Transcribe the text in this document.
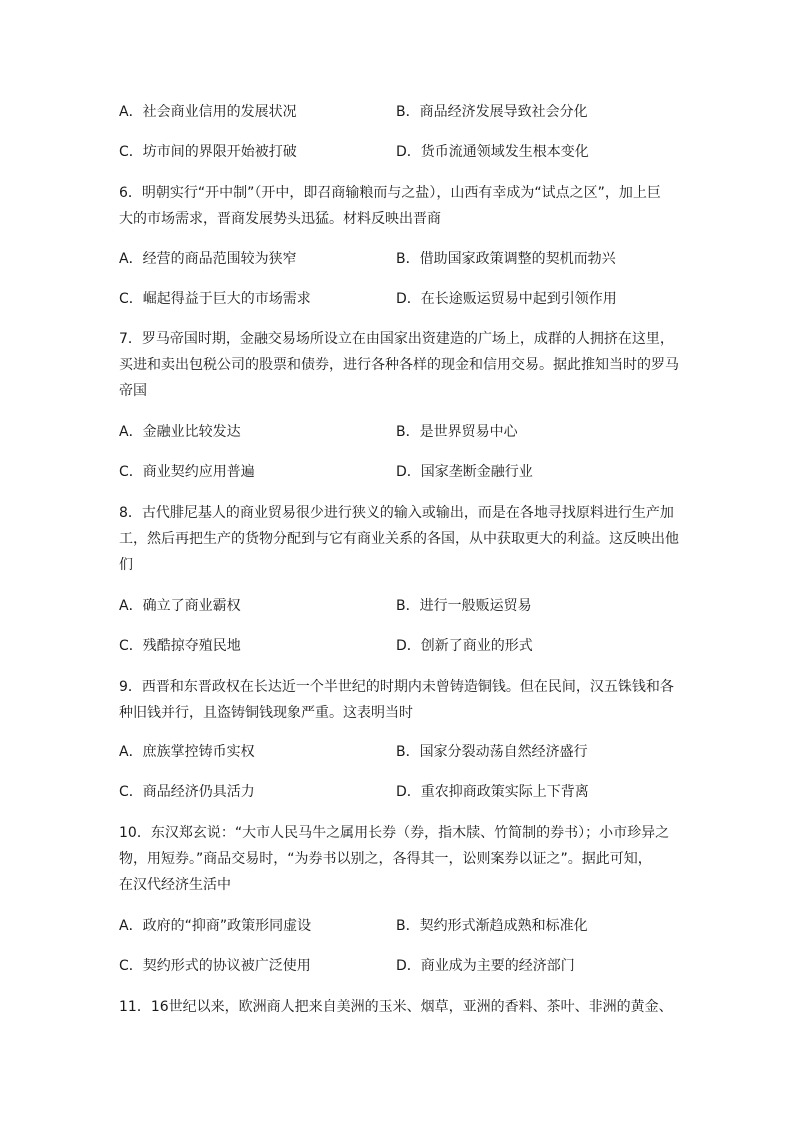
A．社会商业信用的发展状况	B．商品经济发展导致社会分化
C．坊市间的界限开始被打破	D．货币流通领域发生根本变化
6．明朝实行“开中制”（开中，即召商输粮而与之盐），山西有幸成为“试点之区”，加上巨
大的市场需求，晋商发展势头迅猛。材料反映出晋商
A．经营的商品范围较为狭窄	B．借助国家政策调整的契机而勃兴
C．崛起得益于巨大的市场需求	D．在长途贩运贸易中起到引领作用
7．罗马帝国时期，金融交易场所设立在由国家出资建造的广场上，成群的人拥挤在这里，
买进和卖出包税公司的股票和债券，进行各种各样的现金和信用交易。据此推知当时的罗马
帝国
A．金融业比较发达	B．是世界贸易中心
C．商业契约应用普遍	D．国家垄断金融行业
8．古代腓尼基人的商业贸易很少进行狭义的输入或输出，而是在各地寻找原料进行生产加
工，然后再把生产的货物分配到与它有商业关系的各国，从中获取更大的利益。这反映出他
们
A．确立了商业霸权	B．进行一般贩运贸易
C．残酷掠夺殖民地	D．创新了商业的形式
9．西晋和东晋政权在长达近一个半世纪的时期内未曾铸造铜钱。但在民间，汉五铢钱和各
种旧钱并行，且盗铸铜钱现象严重。这表明当时
A．庶族掌控铸币实权	B．国家分裂动荡自然经济盛行
C．商品经济仍具活力	D．重农抑商政策实际上下背离
10．东汉郑玄说：“大市人民马牛之属用长券（券，指木牍、竹简制的券书）；小市珍异之
物，用短券。”商品交易时，“为券书以别之，各得其一，讼则案券以证之”。据此可知，
在汉代经济生活中
A．政府的“抑商”政策形同虚设	B．契约形式渐趋成熟和标准化
C．契约形式的协议被广泛使用	D．商业成为主要的经济部门
11．16世纪以来，欧洲商人把来自美洲的玉米、烟草，亚洲的香料、茶叶、非洲的黄金、
